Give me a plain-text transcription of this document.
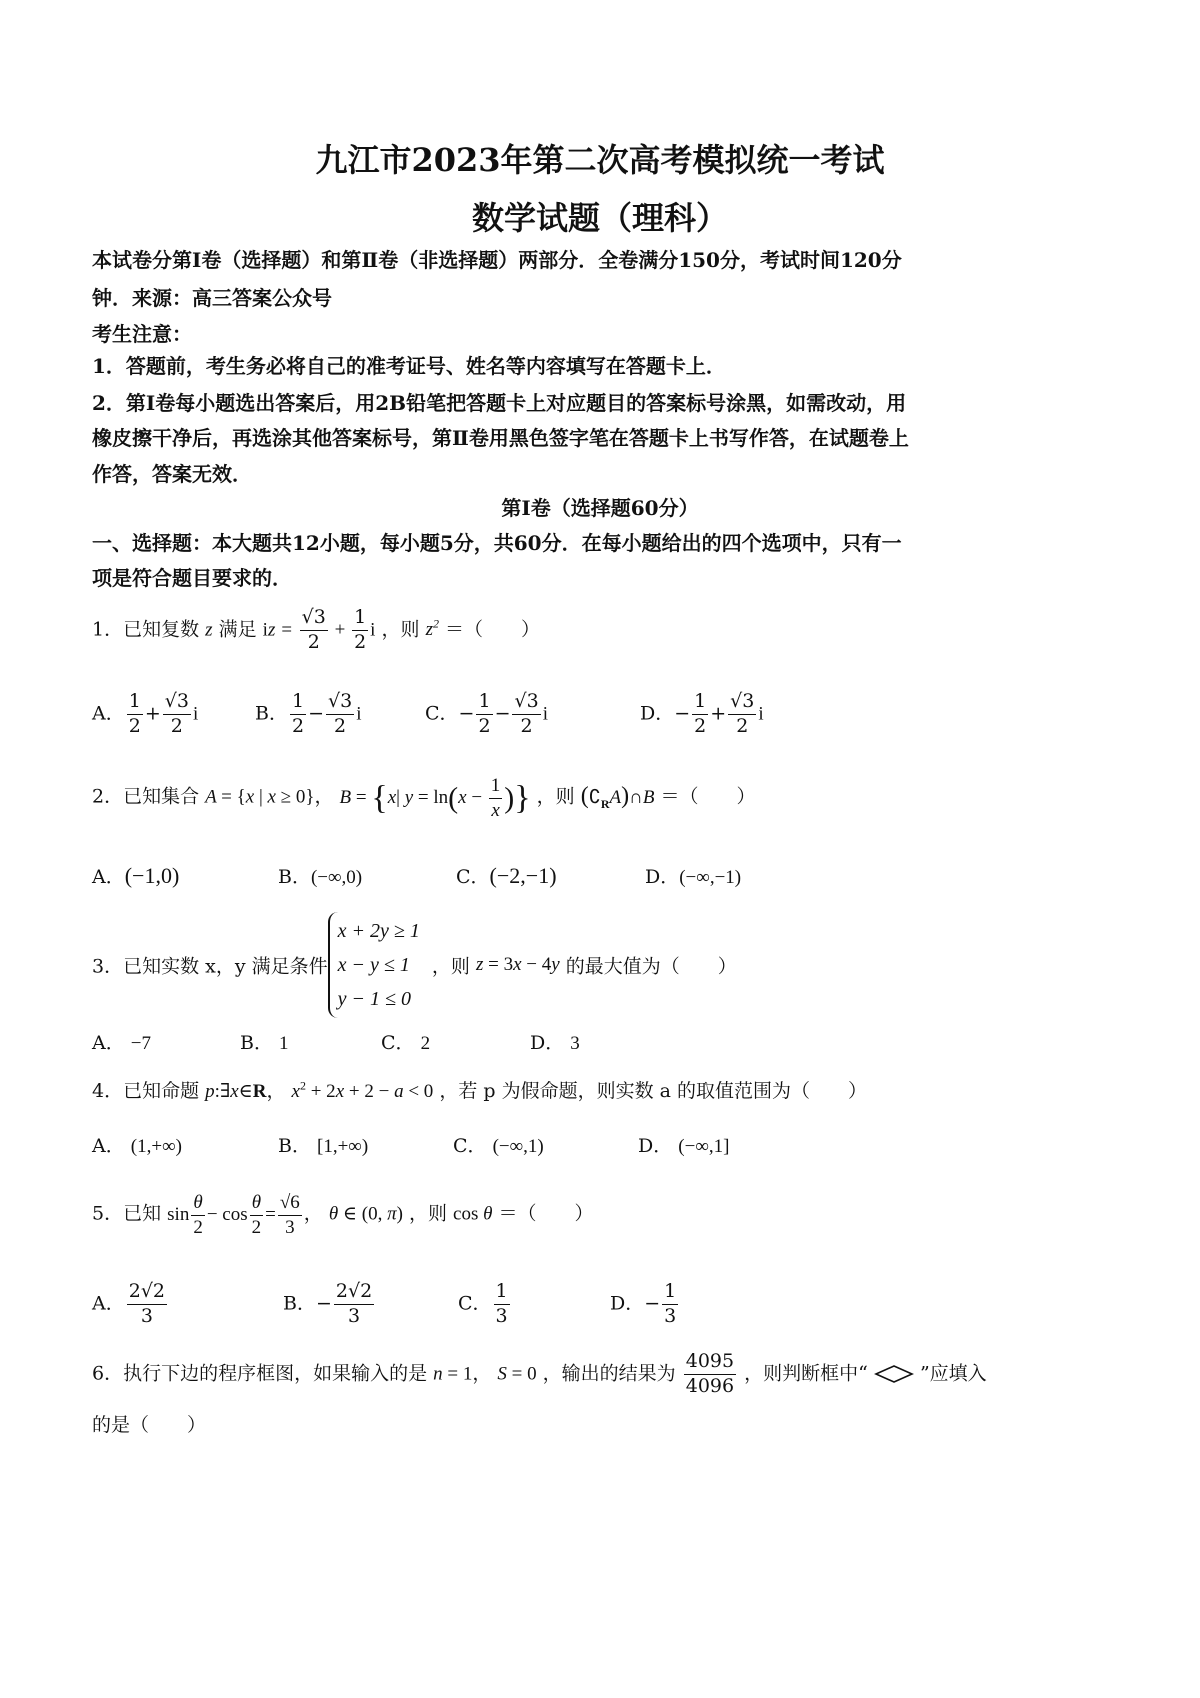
九江市2023年第二次高考模拟统一考试
数学试题（理科）
本试卷分第Ⅰ卷（选择题）和第Ⅱ卷（非选择题）两部分．全卷满分150分，考试时间120分
钟．来源：高三答案公众号
考生注意：
1．答题前，考生务必将自己的准考证号、姓名等内容填写在答题卡上．
2．第Ⅰ卷每小题选出答案后，用2B铅笔把答题卡上对应题目的答案标号涂黑，如需改动，用
橡皮擦干净后，再选涂其他答案标号，第Ⅱ卷用黑色签字笔在答题卡上书写作答，在试题卷上
作答，答案无效．
第Ⅰ卷（选择题60分）
一、选择题：本大题共12小题，每小题5分，共60分．在每小题给出的四个选项中，只有一
项是符合题目要求的．
1．已知复数 z 满足 iz = $\frac{√3}{2} + \frac{1}{2}$ i ，则 $z^2$ ＝（　　）
A． $\frac{1}{2} + \frac{√3}{2}$ i	B． $\frac{1}{2} - \frac{√3}{2}$ i	C．− $\frac{1}{2} - \frac{√3}{2}$ i	D．− $\frac{1}{2} + \frac{√3}{2}$ i
2．已知集合 A = {x | x ≥ 0}， B = {x| $y = \ln(x - \frac{1}{x}$ )} ，则 $(∁_RA)\cap B$ ＝（　　）
A．(−1,0)	B．(−∞,0)	C．(−2,−1)	D．(−∞,−1)
3．已知实数 x，y 满足条件x + 2y ≥ 1
x − y ≤ 1
y − 1 ≤ 0 ，则 z = 3x − 4y 的最大值为（　　）
A． −7	B． 1	C． 2	D． 3
4．已知命题 p:∃x∈R， $x^2 + 2x + 2 - a < 0$ ，若 p 为假命题，则实数 a 的取值范围为（　　）
A． (1,+∞)	B． [1,+∞)	C． (−∞,1)	D． (−∞,1]
5．已知 $\sin \frac{\theta}{2} - \cos \frac{\theta}{2} = \frac{√6}{3}$ ， θ ∈ (0, π) ，则 cos θ ＝（　　）
A． $\frac{2√2}{3}$	B．− $\frac{2√2}{3}$	C． $\frac{1}{3}$	D．− $\frac{1}{3}$
6．执行下边的程序框图，如果输入的是 n = 1， S = 0 ，输出的结果为 $\frac{4095}{4096}$ ，则判断框中“	”应填入
的是（　　）
